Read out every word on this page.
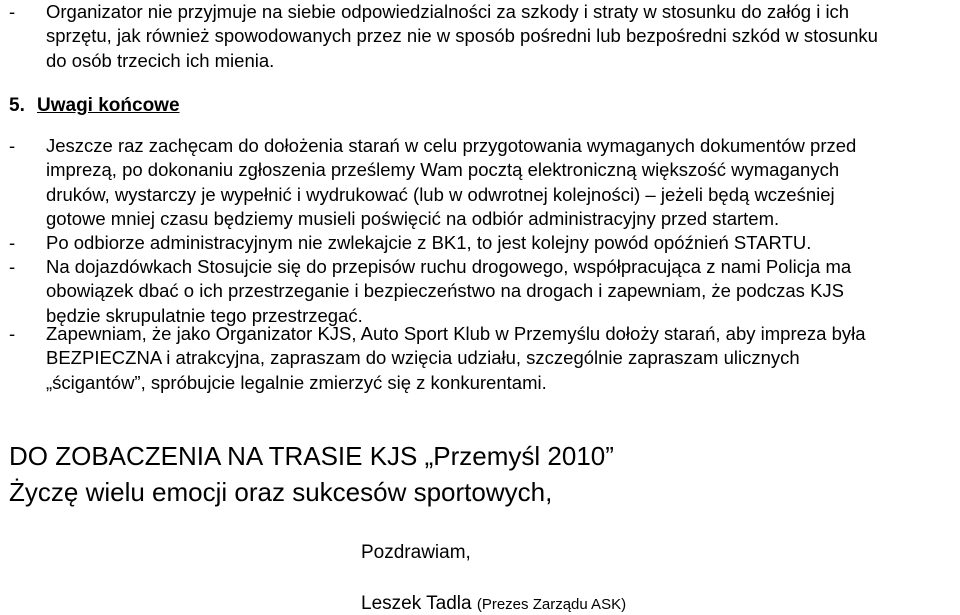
- Organizator nie przyjmuje na siebie odpowiedzialności za szkody i straty w stosunku do załóg i ich
sprzętu, jak również spowodowanych przez nie w sposób pośredni lub bezpośredni szkód w stosunku
do osób trzecich ich mienia.
5. Uwagi końcowe
- Jeszcze raz zachęcam do dołożenia starań w celu przygotowania wymaganych dokumentów przed
imprezą, po dokonaniu zgłoszenia prześlemy Wam pocztą elektroniczną większość wymaganych
druków, wystarczy je wypełnić i wydrukować (lub w odwrotnej kolejności) – jeżeli będą wcześniej
gotowe mniej czasu będziemy musieli poświęcić na odbiór administracyjny przed startem.
- Po odbiorze administracyjnym nie zwlekajcie z BK1, to jest kolejny powód opóźnień STARTU.
- Na dojazdówkach Stosujcie się do przepisów ruchu drogowego, współpracująca z nami Policja ma
obowiązek dbać o ich przestrzeganie i bezpieczeństwo na drogach i zapewniam, że podczas KJS
będzie skrupulatnie tego przestrzegać.
- Zapewniam, że jako Organizator KJS, Auto Sport Klub w Przemyślu dołoży starań, aby impreza była
BEZPIECZNA i atrakcyjna, zapraszam do wzięcia udziału, szczególnie zapraszam ulicznych
„ścigantów”, spróbujcie legalnie zmierzyć się z konkurentami.
DO ZOBACZENIA NA TRASIE KJS „Przemyśl 2010”
Życzę wielu emocji oraz sukcesów sportowych,
Pozdrawiam,
Leszek Tadla (Prezes Zarządu ASK)
